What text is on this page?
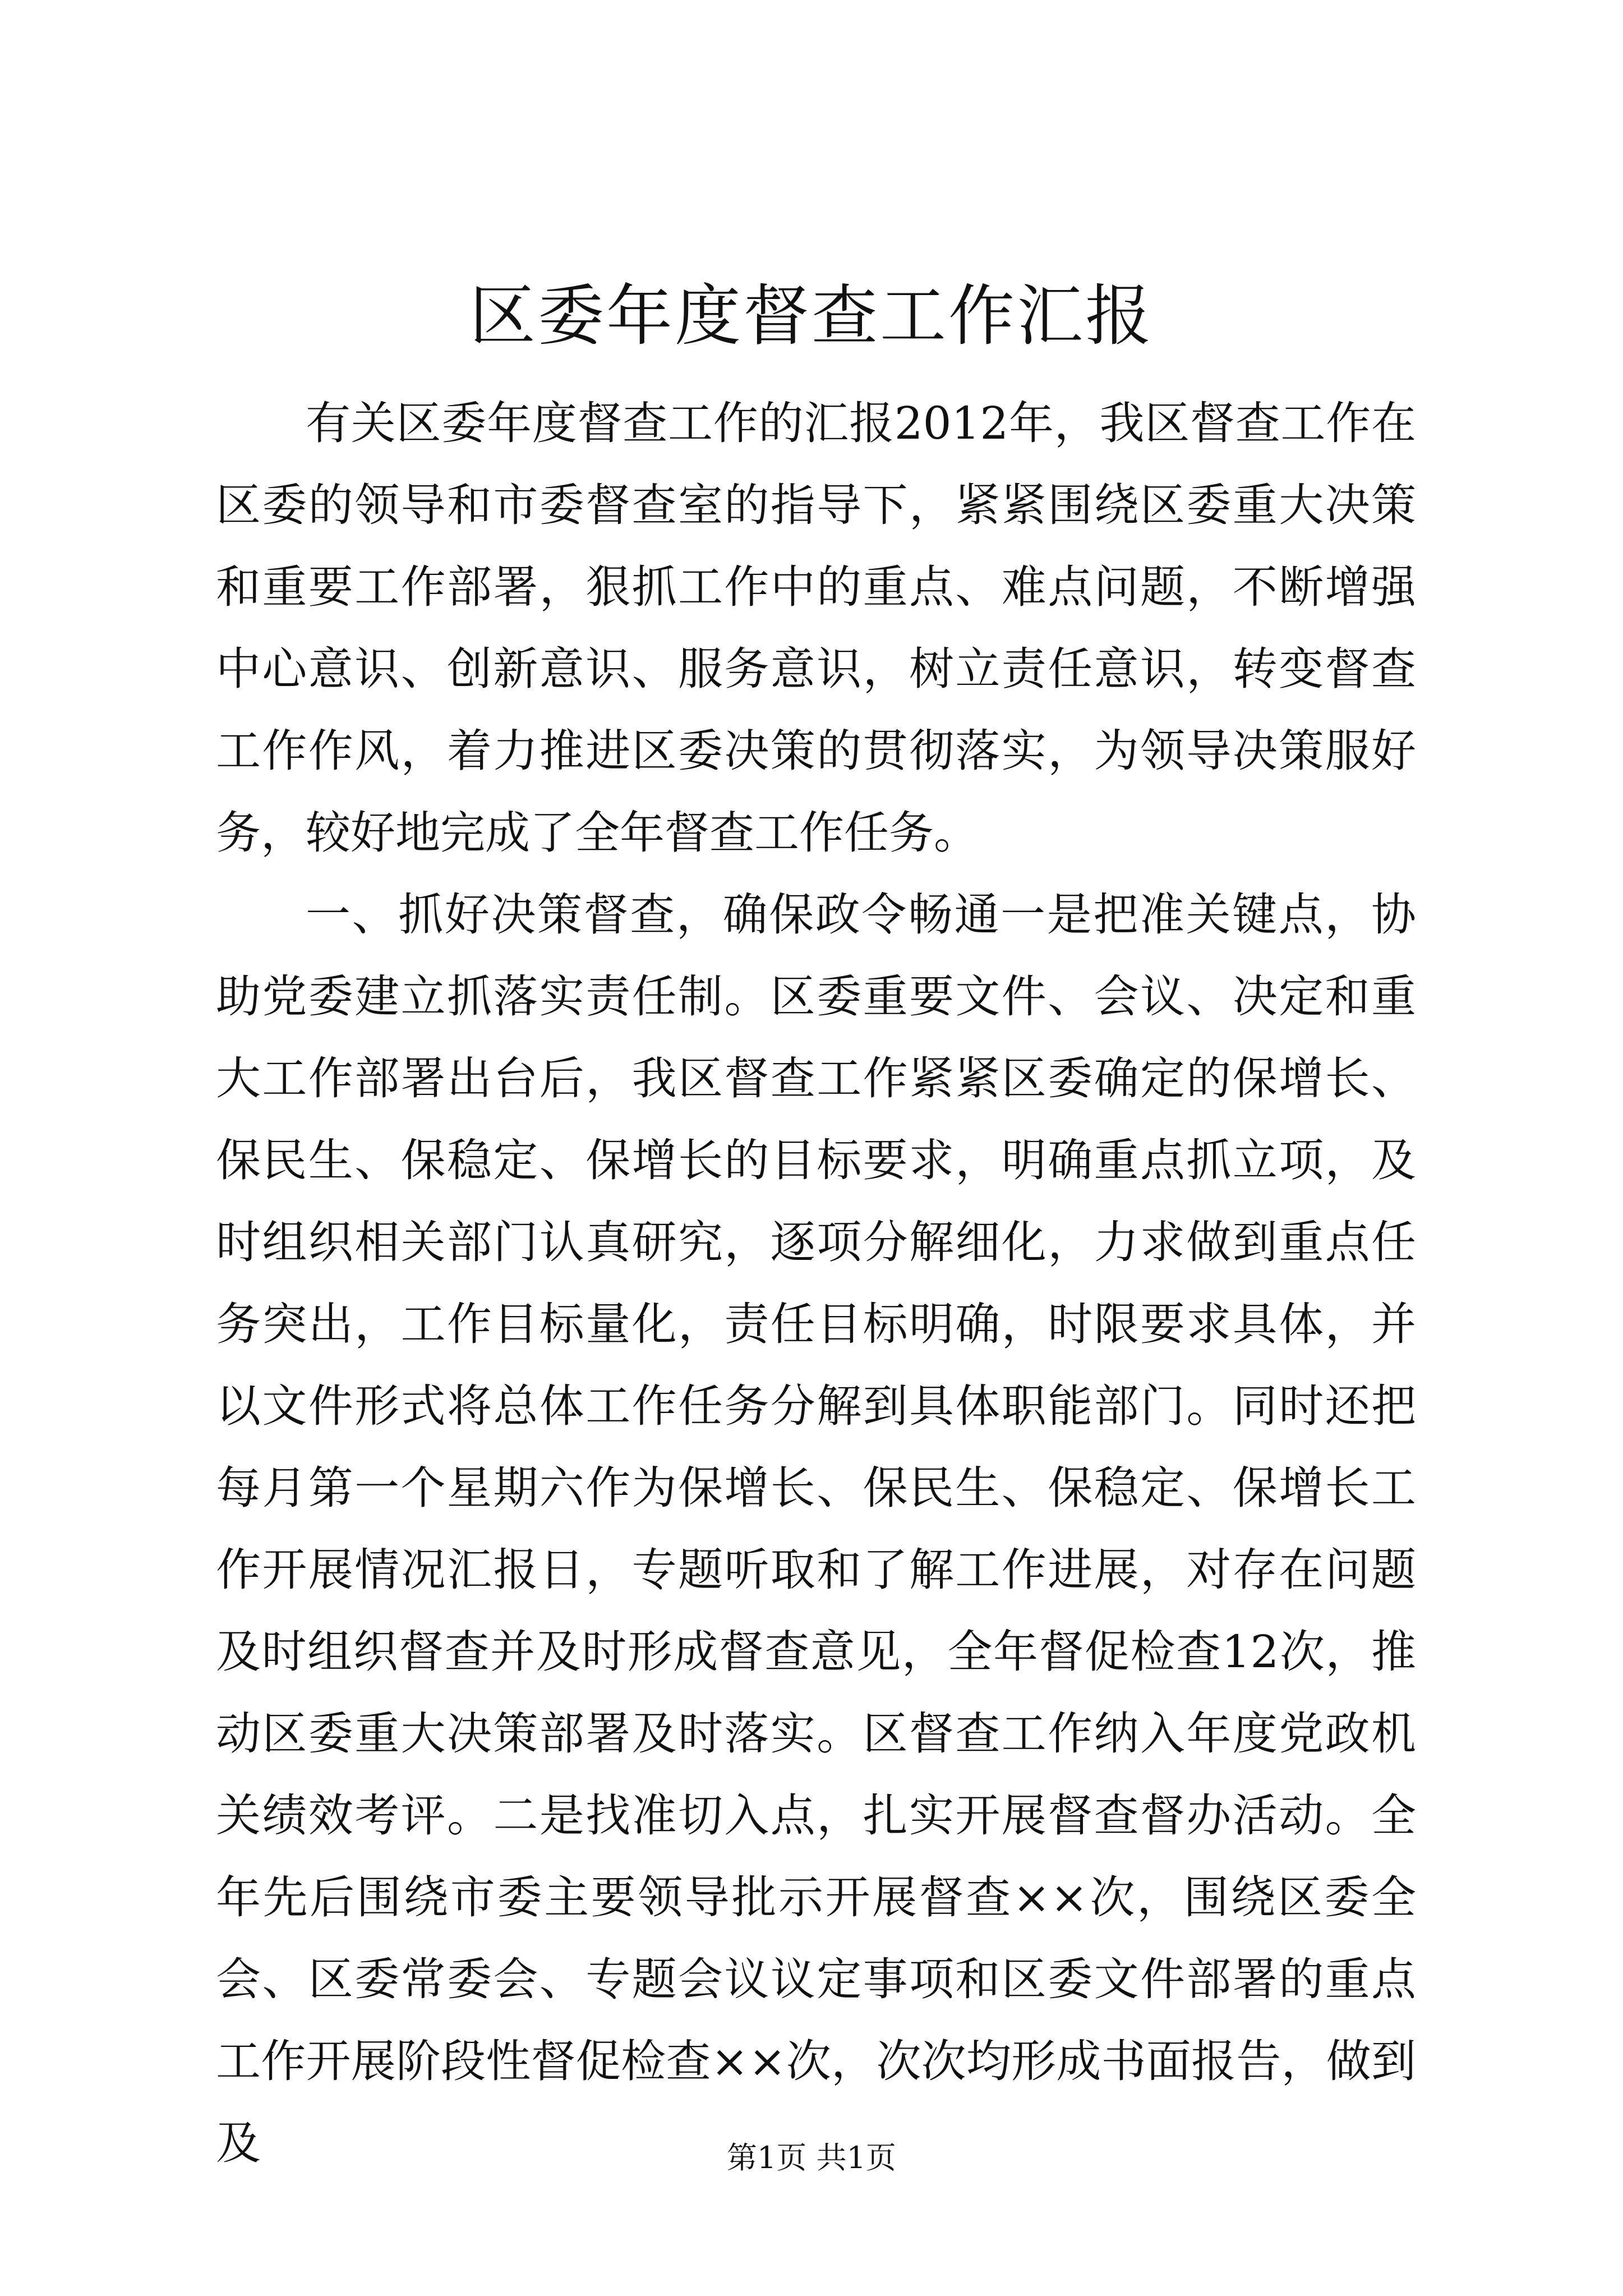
区委年度督查工作汇报

有关区委年度督查工作的汇报2012年，我区督查工作在区委的领导和市委督查室的指导下，紧紧围绕区委重大决策和重要工作部署，狠抓工作中的重点、难点问题，不断增强中心意识、创新意识、服务意识，树立责任意识，转变督查工作作风，着力推进区委决策的贯彻落实，为领导决策服好务，较好地完成了全年督查工作任务。

一、抓好决策督查，确保政令畅通一是把准关键点，协助党委建立抓落实责任制。区委重要文件、会议、决定和重大工作部署出台后，我区督查工作紧紧区委确定的保增长、保民生、保稳定、保增长的目标要求，明确重点抓立项，及时组织相关部门认真研究，逐项分解细化，力求做到重点任务突出，工作目标量化，责任目标明确，时限要求具体，并以文件形式将总体工作任务分解到具体职能部门。同时还把每月第一个星期六作为保增长、保民生、保稳定、保增长工作开展情况汇报日，专题听取和了解工作进展，对存在问题及时组织督查并及时形成督查意见，全年督促检查12次，推动区委重大决策部署及时落实。区督查工作纳入年度党政机关绩效考评。二是找准切入点，扎实开展督查督办活动。全年先后围绕市委主要领导批示开展督查××次，围绕区委全会、区委常委会、专题会议议定事项和区委文件部署的重点工作开展阶段性督促检查××次，次次均形成书面报告，做到及	第1页 共1页
